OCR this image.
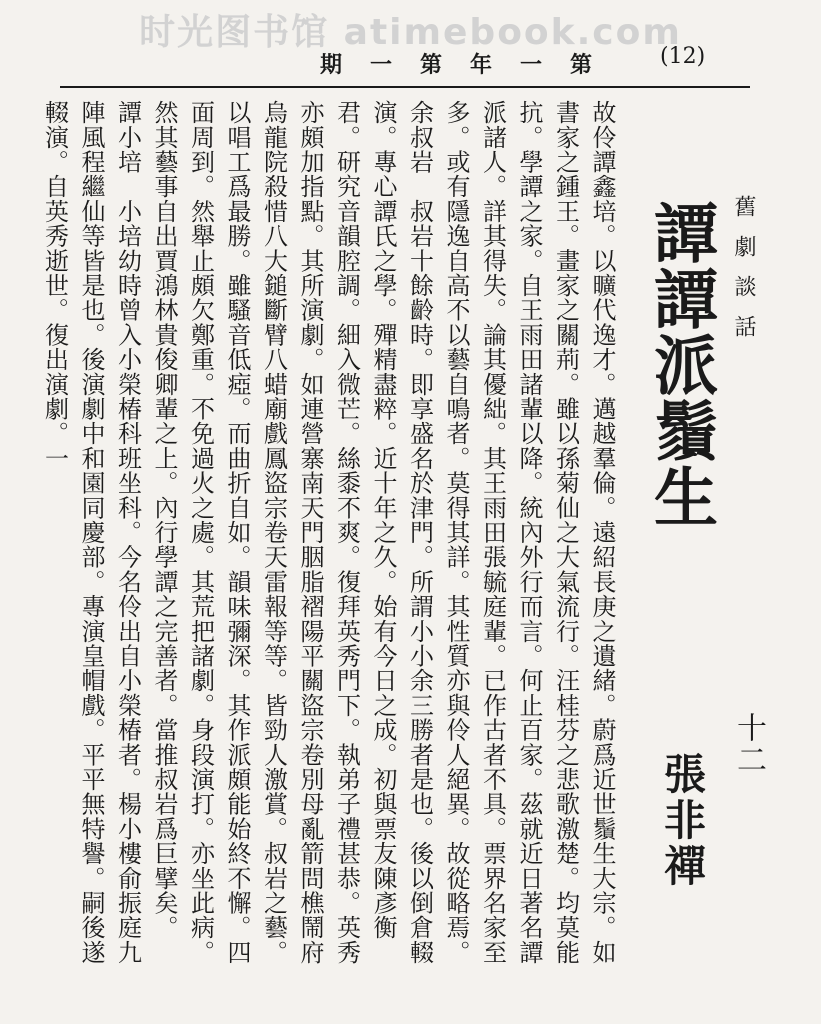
时光图书馆 atimebook.com
第一年第一期 (12)
舊劇談話
十二
譚譚派鬚生
張非禪

故伶譚鑫培。以曠代逸才。邁越羣倫。遠紹長庚之遺緒。蔚爲近世鬚生大宗。如書家之鍾王。畫家之關荊。雖以孫菊仙之大氣流行。汪桂芬之悲歌激楚。均莫能抗。學譚之家。自王雨田諸輩以降。統內外行而言。何止百家。茲就近日著名譚派諸人。詳其得失。論其優絀。其王雨田張毓庭輩。已作古者不具。票界名家至多。或有隱逸自高不以藝自鳴者。莫得其詳。其性質亦與伶人絕異。故從略焉。

余叔岩　叔岩十餘齡時。即享盛名於津門。所謂小小余三勝者是也。後以倒倉輟演。專心譚氏之學。殫精盡粹。近十年之久。始有今日之成。初與票友陳彥衡君。研究音韻腔調。細入微芒。絲黍不爽。復拜英秀門下。執弟子禮甚恭。英秀亦頗加指點。其所演劇。如連營寨南天門胭脂褶陽平關盜宗卷別母亂箭問樵鬧府烏龍院殺惜八大鎚斷臂八蜡廟戲鳳盜宗卷天雷報等等。皆勁人激賞。叔岩之藝。以唱工爲最勝。雖騷音低瘂。而曲折自如。韻味彌深。其作派頗能始終不懈。四面周到。然舉止頗欠鄭重。不免過火之處。其荒把諸劇。身段演打。亦坐此病。然其藝事自出賈鴻林貴俊卿輩之上。內行學譚之完善者。當推叔岩爲巨擘矣。

譚小培　小培幼時曾入小榮椿科班坐科。今名伶出自小榮椿者。楊小樓俞振庭九陣風程繼仙等皆是也。後演劇中和園同慶部。專演皇帽戲。平平無特譽。嗣後遂輟演。自英秀逝世。復出演劇。一
